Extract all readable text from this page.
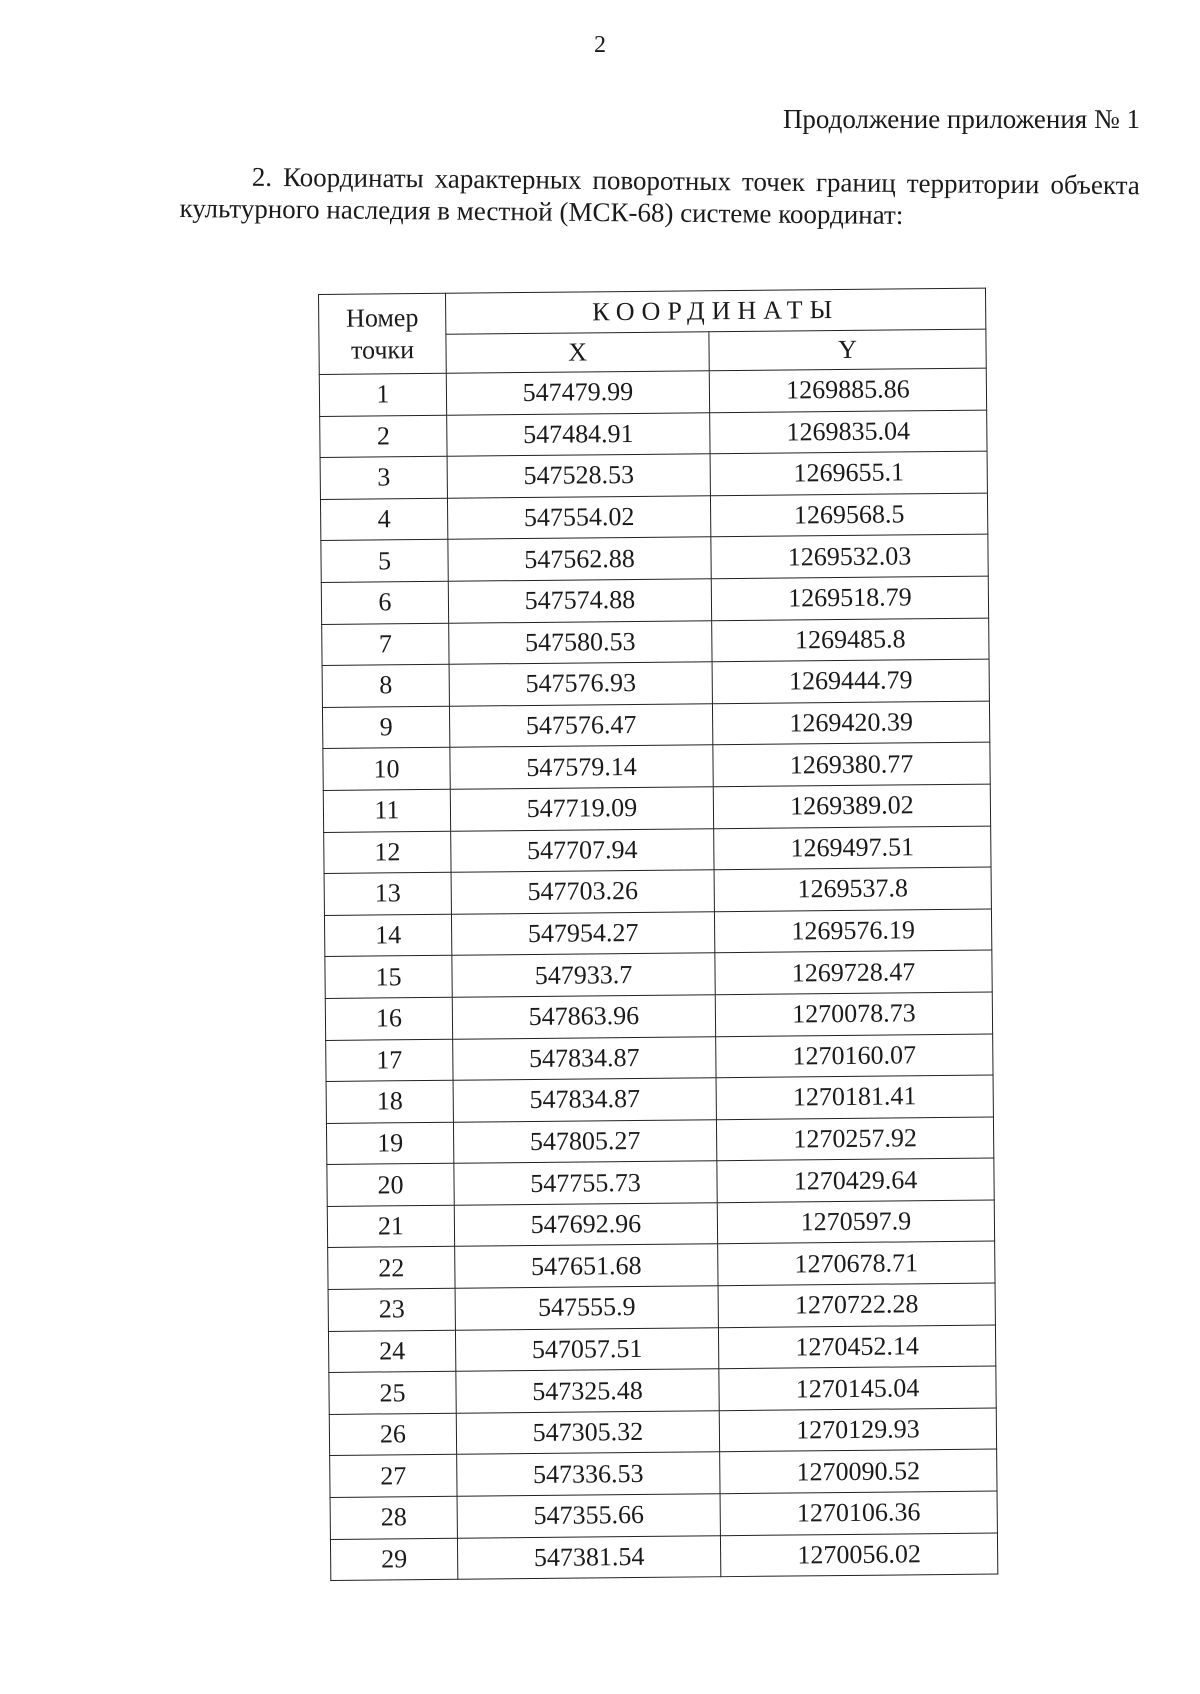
2
Продолжение приложения № 1
2. Координаты характерных поворотных точек границ территории объекта культурного наследия в местной (МСК-68) системе координат:
Номер точки	КООРДИНАТЫ	
	X	Y
1	547479.99	1269885.86
2	547484.91	1269835.04
3	547528.53	1269655.1
4	547554.02	1269568.5
5	547562.88	1269532.03
6	547574.88	1269518.79
7	547580.53	1269485.8
8	547576.93	1269444.79
9	547576.47	1269420.39
10	547579.14	1269380.77
11	547719.09	1269389.02
12	547707.94	1269497.51
13	547703.26	1269537.8
14	547954.27	1269576.19
15	547933.7	1269728.47
16	547863.96	1270078.73
17	547834.87	1270160.07
18	547834.87	1270181.41
19	547805.27	1270257.92
20	547755.73	1270429.64
21	547692.96	1270597.9
22	547651.68	1270678.71
23	547555.9	1270722.28
24	547057.51	1270452.14
25	547325.48	1270145.04
26	547305.32	1270129.93
27	547336.53	1270090.52
28	547355.66	1270106.36
29	547381.54	1270056.02
